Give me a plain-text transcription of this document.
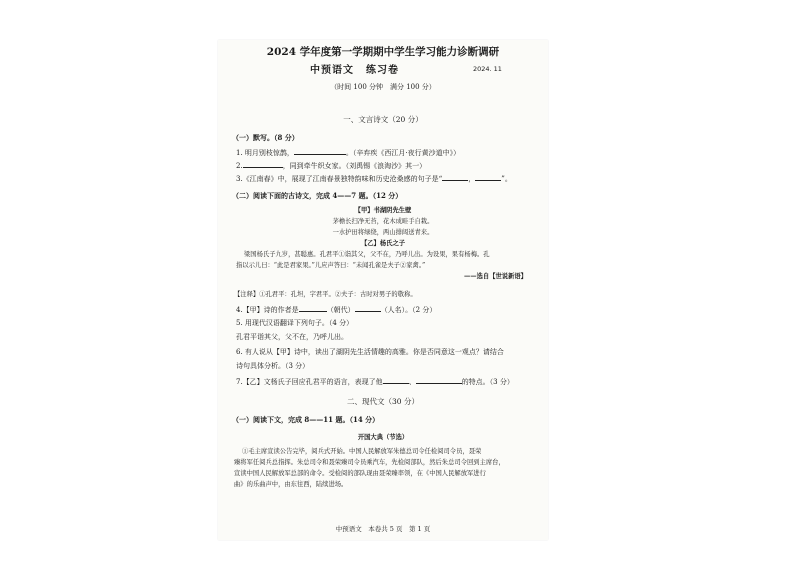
2024 学年度第一学期期中学生学习能力诊断调研
中预语文 练习卷	2024. 11
（时间 100 分钟　满分 100 分）
一、文言诗文（20 分）
（一）默写。（8 分）
1. 明月别枝惊鹊，	。（辛弃疾《西江月·夜行黄沙道中》）
2.	，同到牵牛织女家。（刘禹锡《浪淘沙》其一）
3.《江南春》中，展现了江南春景独特韵味和历史沧桑感的句子是“	，	”。
（二）阅读下面的古诗文，完成 4——7 题。（12 分）
【甲】书湖阴先生壁
茅檐长扫净无苔，花木成畦手自栽。
一水护田将绿绕，两山排闼送青来。
【乙】杨氏之子
梁国杨氏子九岁，甚聪惠。孔君平①诣其父，父不在，乃呼儿出。为设果，果有杨梅。孔
指以示儿曰：“此是君家果。”儿应声答曰：“未闻孔雀是夫子②家禽。”
——选自【世说新语】
【注释】①孔君平：孔坦，字君平。②夫子：古时对男子的敬称。
4.【甲】诗的作者是	（朝代）	（人名）。（2 分）
5. 用现代汉语翻译下列句子。（4 分）
孔君平诣其父，父不在，乃呼儿出。
6. 有人说从【甲】诗中，读出了湖阴先生活情趣的高雅。你是否同意这一观点？请结合
诗句具体分析。（3 分）
7.【乙】文杨氏子回应孔君平的语言，表现了他	、	的特点。（3 分）
二、现代文（30 分）
（一）阅读下文，完成 8——11 题。（14 分）
开国大典（节选）
①毛主席宣读公告完毕，阅兵式开始。中国人民解放军朱德总司令任检阅司令员，聂荣
臻将军任阅兵总指挥。朱总司令和聂荣臻司令员乘汽车，先检阅部队，然后朱总司令回到主席台，
宣读中国人民解放军总部的命令。受检阅的部队现由聂荣臻率领，在《中国人民解放军进行
曲》的乐曲声中，由东往西，陆续进场。
中预语文　本卷共 5 页　第 1 页
